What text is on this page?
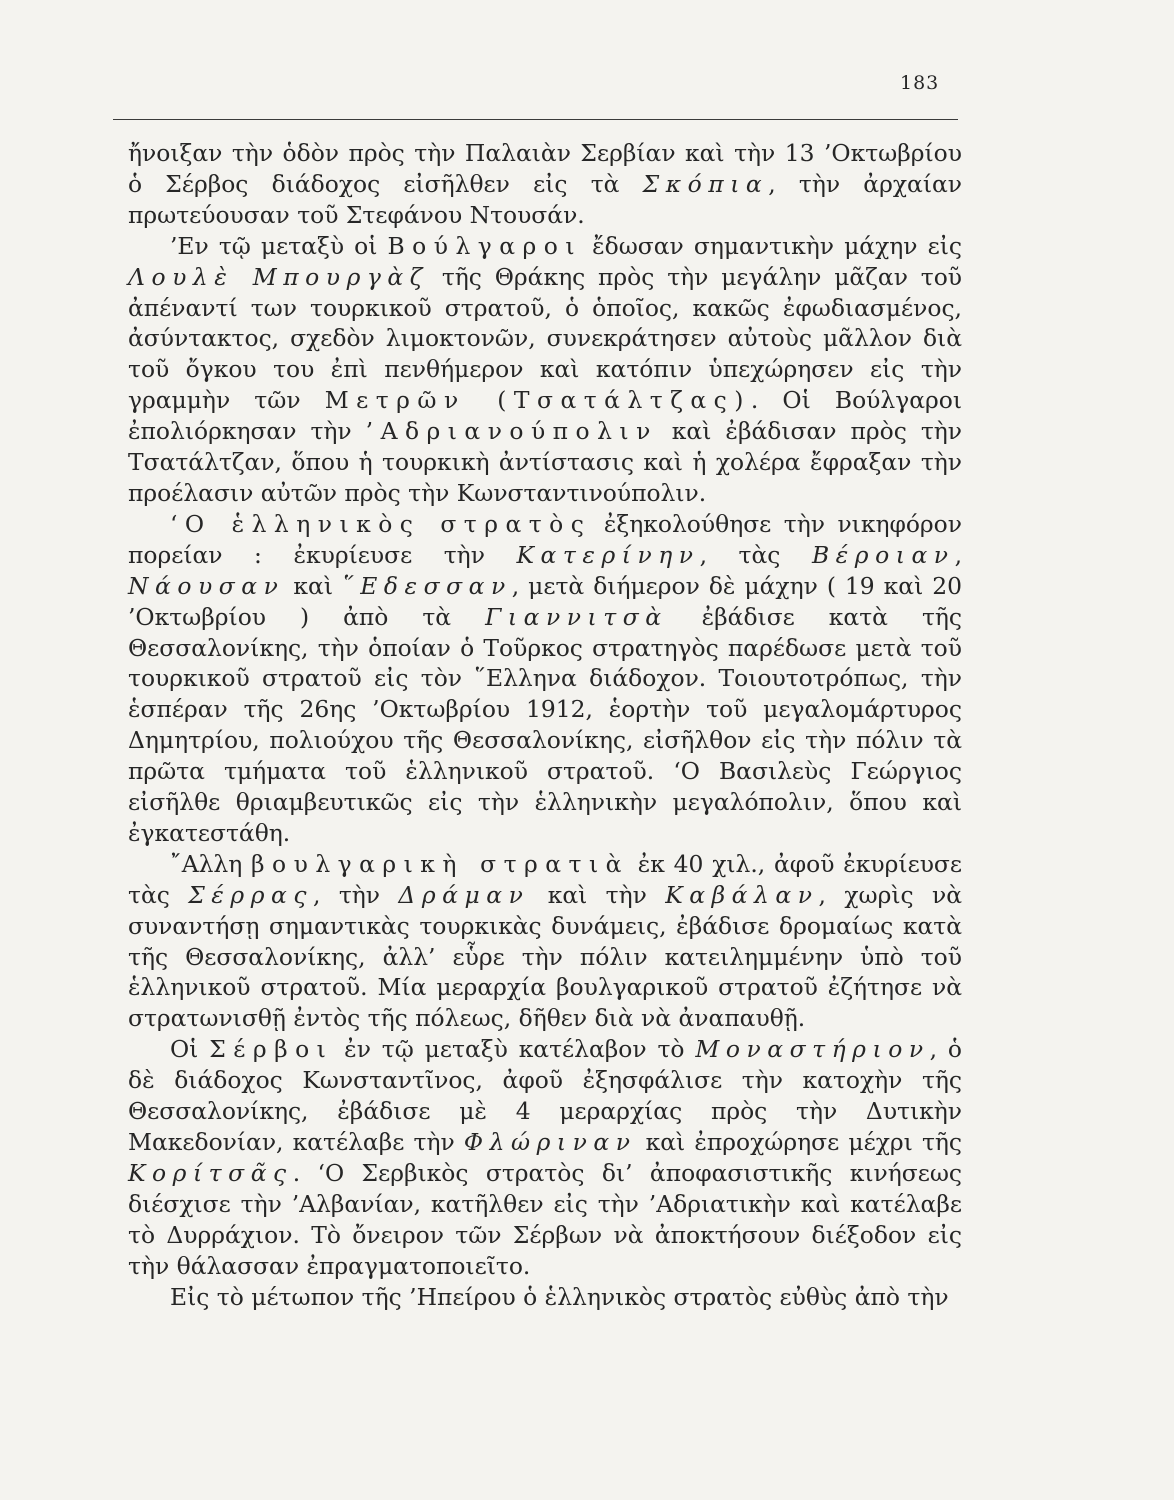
183

ἤνοιξαν τὴν ὁδὸν πρὸς τὴν Παλαιὰν Σερβίαν καὶ τὴν 13 ’Οκτωβρίου ὁ Σέρβος διάδοχος εἰσῆλθεν εἰς τὰ Σκόπια, τὴν ἀρχαίαν πρωτεύουσαν τοῦ Στεφάνου Ντουσάν.

’Εν τῷ μεταξὺ οἱ Βούλγαροι ἔδωσαν σημαντικὴν μάχην εἰς Λουλὲ Μπουργὰζ τῆς Θράκης πρὸς τὴν μεγάλην μᾶζαν τοῦ ἀπέναντί των τουρκικοῦ στρατοῦ, ὁ ὁποῖος, κακῶς ἐφωδιασμένος, ἀσύντακτος, σχεδὸν λιμοκτονῶν, συνεκράτησεν αὐτοὺς μᾶλλον διὰ τοῦ ὄγκου του ἐπὶ πενθήμερον καὶ κατόπιν ὑπεχώρησεν εἰς τὴν γραμμὴν τῶν Μετρῶν (Τσατάλτζας). Οἱ Βούλγαροι ἐπολιόρκησαν τὴν ’Αδριανούπολιν καὶ ἐβάδισαν πρὸς τὴν Τσατάλτζαν, ὅπου ἡ τουρκικὴ ἀντίστασις καὶ ἡ χολέρα ἔφραξαν τὴν προέλασιν αὐτῶν πρὸς τὴν Κωνσταντινούπολιν.

‘Ο ἑλληνικὸς στρατὸς ἐξηκολούθησε τὴν νικηφόρον πορείαν : ἐκυρίευσε τὴν Κατερίνην, τὰς Βέροιαν, Νάουσαν καὶ ῞Εδεσσαν, μετὰ διήμερον δὲ μάχην ( 19 καὶ 20 ’Οκτωβρίου ) ἀπὸ τὰ Γιαννιτσὰ ἐβάδισε κατὰ τῆς Θεσσαλονίκης, τὴν ὁποίαν ὁ Τοῦρκος στρατηγὸς παρέδωσε μετὰ τοῦ τουρκικοῦ στρατοῦ εἰς τὸν ῞Ελληνα διάδοχον. Τοιουτοτρόπως, τὴν ἑσπέραν τῆς 26ης ’Οκτωβρίου 1912, ἑορτὴν τοῦ μεγαλομάρτυρος Δημητρίου, πολιούχου τῆς Θεσσαλονίκης, εἰσῆλθον εἰς τὴν πόλιν τὰ πρῶτα τμήματα τοῦ ἑλληνικοῦ στρατοῦ. ‘Ο Βασιλεὺς Γεώργιος εἰσῆλθε θριαμβευτικῶς εἰς τὴν ἑλληνικὴν μεγαλόπολιν, ὅπου καὶ ἐγκατεστάθη.

῎Αλλη βουλγαρικὴ στρατιὰ ἐκ 40 χιλ., ἀφοῦ ἐκυρίευσε τὰς Σέρρας, τὴν Δράμαν καὶ τὴν Καβάλαν, χωρὶς νὰ συναντήσῃ σημαντικὰς τουρκικὰς δυνάμεις, ἐβάδισε δρομαίως κατὰ τῆς Θεσσαλονίκης, ἀλλ’ εὗρε τὴν πόλιν κατειλημμένην ὑπὸ τοῦ ἑλληνικοῦ στρατοῦ. Μία μεραρχία βουλγαρικοῦ στρατοῦ ἐζήτησε νὰ στρατωνισθῇ ἐντὸς τῆς πόλεως, δῆθεν διὰ νὰ ἀναπαυθῇ.

Οἱ Σέρβοι ἐν τῷ μεταξὺ κατέλαβον τὸ Μοναστήριον, ὁ δὲ διάδοχος Κωνσταντῖνος, ἀφοῦ ἐξησφάλισε τὴν κατοχὴν τῆς Θεσσαλονίκης, ἐβάδισε μὲ 4 μεραρχίας πρὸς τὴν Δυτικὴν Μακεδονίαν, κατέλαβε τὴν Φλώριναν καὶ ἐπροχώρησε μέχρι τῆς Κορίτσᾶς. ‘Ο Σερβικὸς στρατὸς δι’ ἀποφασιστικῆς κινήσεως διέσχισε τὴν ’Αλβανίαν, κατῆλθεν εἰς τὴν ’Αδριατικὴν καὶ κατέλαβε τὸ Δυρράχιον. Τὸ ὄνειρον τῶν Σέρβων νὰ ἀποκτήσουν διέξοδον εἰς τὴν θάλασσαν ἐπραγματοποιεῖτο.

Εἰς τὸ μέτωπον τῆς ’Ηπείρου ὁ ἑλληνικὸς στρατὸς εὐθὺς ἀπὸ τὴν
